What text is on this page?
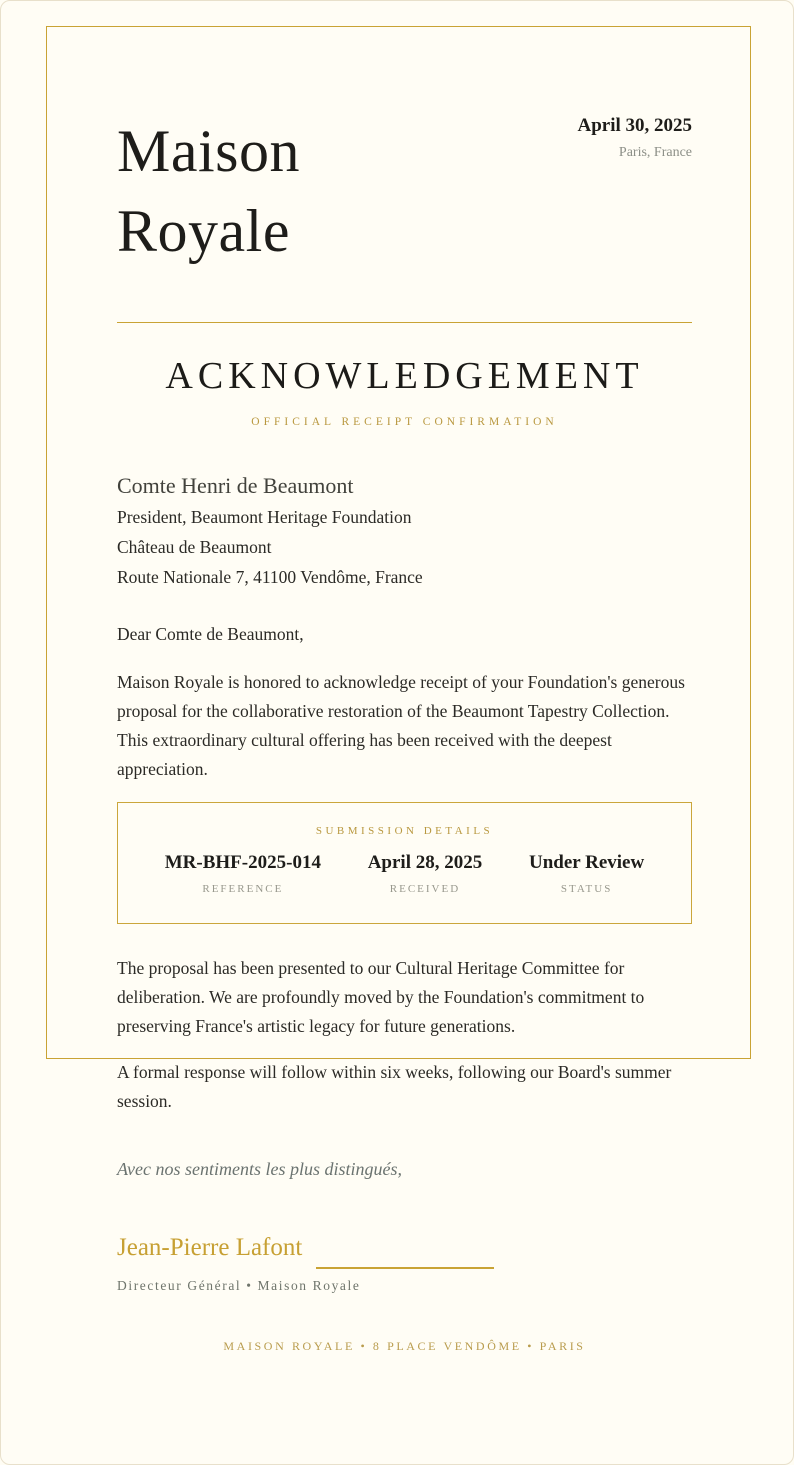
Maison
Royale
April 30, 2025
Paris, France
ACKNOWLEDGEMENT
OFFICIAL RECEIPT CONFIRMATION
Comte Henri de Beaumont
President, Beaumont Heritage Foundation
Château de Beaumont
Route Nationale 7, 41100 Vendôme, France

Dear Comte de Beaumont,

Maison Royale is honored to acknowledge receipt of your Foundation's generous proposal for the collaborative restoration of the Beaumont Tapestry Collection. This extraordinary cultural offering has been received with the deepest appreciation.

SUBMISSION DETAILS
MR-BHF-2025-014
REFERENCE
April 28, 2025
RECEIVED
Under Review
STATUS

The proposal has been presented to our Cultural Heritage Committee for deliberation. We are profoundly moved by the Foundation's commitment to preserving France's artistic legacy for future generations.

A formal response will follow within six weeks, following our Board's summer session.

Avec nos sentiments les plus distingués,

Jean-Pierre Lafont
Directeur Général • Maison Royale
MAISON ROYALE • 8 PLACE VENDÔME • PARIS
